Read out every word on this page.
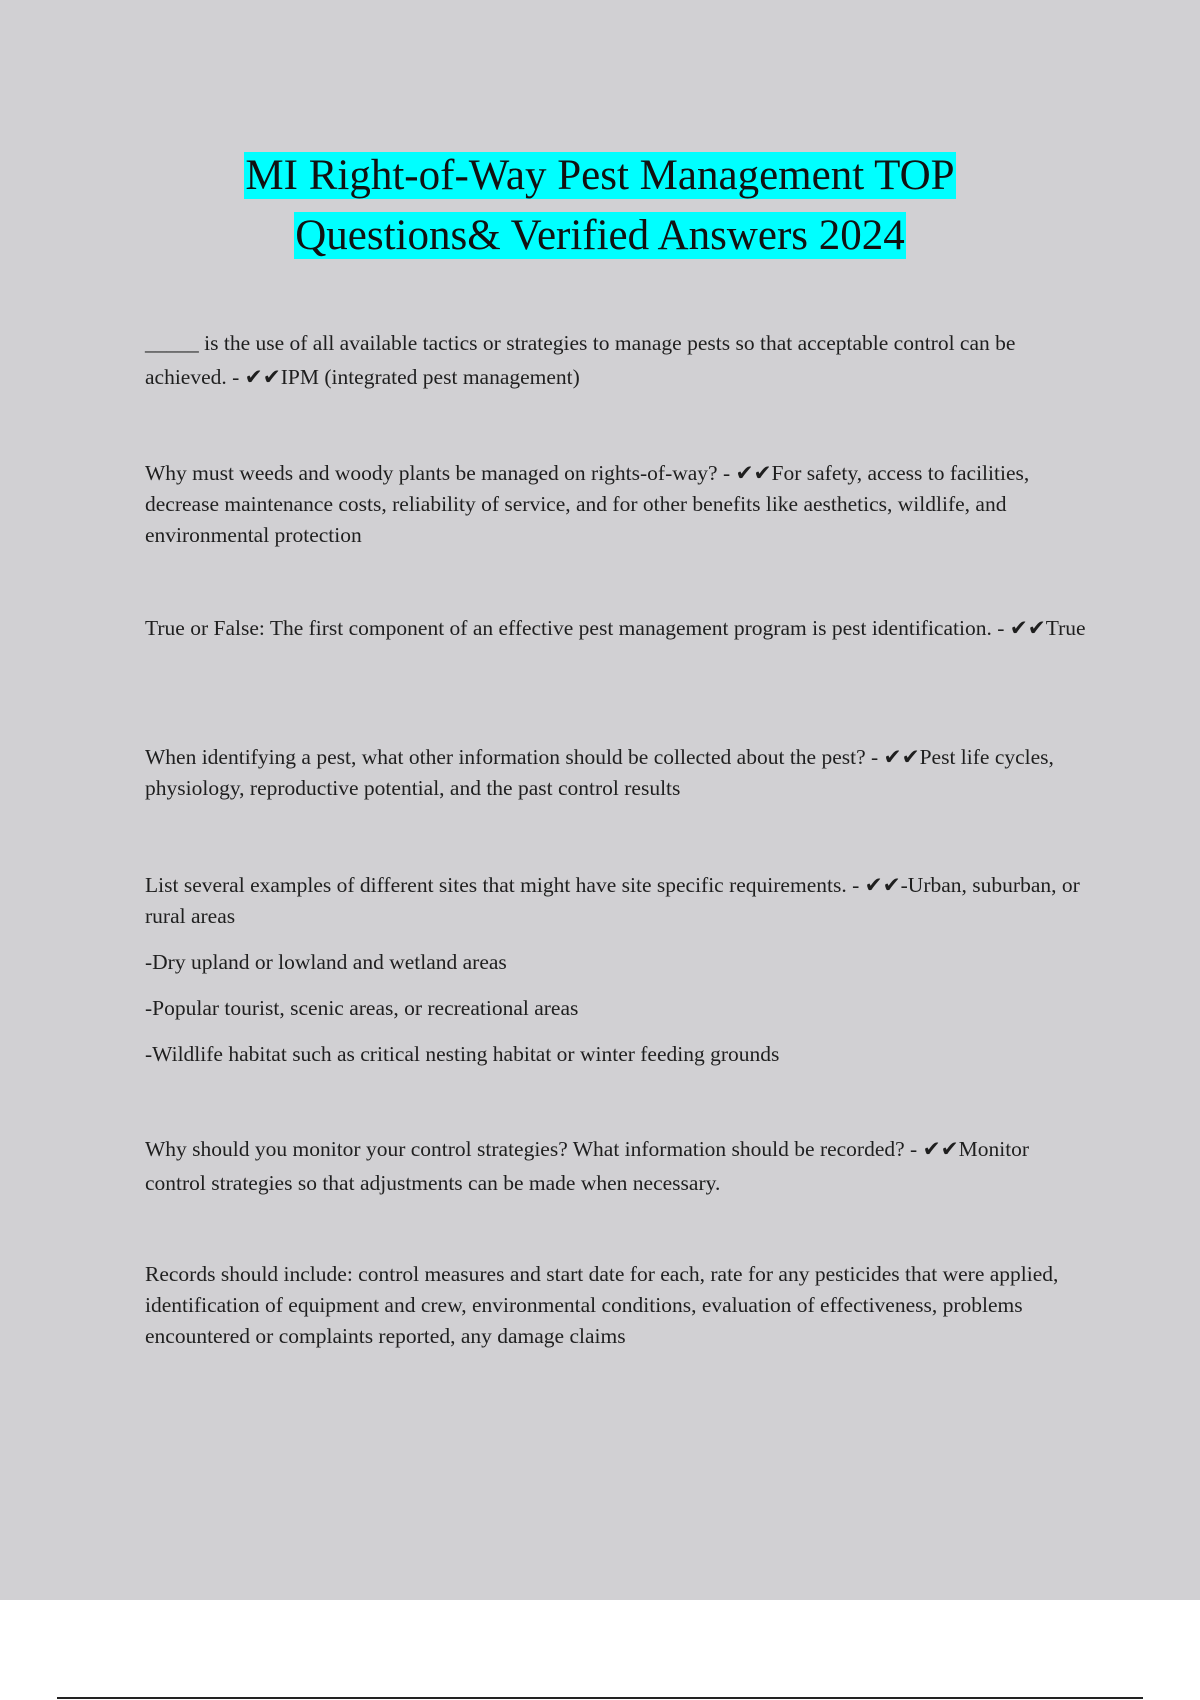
MI Right-of-Way Pest Management TOP
Questions& Verified Answers 2024

_____ is the use of all available tactics or strategies to manage pests so that acceptable control can be achieved. - ✔✔IPM (integrated pest management)

Why must weeds and woody plants be managed on rights-of-way? - ✔✔For safety, access to facilities, decrease maintenance costs, reliability of service, and for other benefits like aesthetics, wildlife, and environmental protection

True or False: The first component of an effective pest management program is pest identification. - ✔✔True

When identifying a pest, what other information should be collected about the pest? - ✔✔Pest life cycles, physiology, reproductive potential, and the past control results

List several examples of different sites that might have site specific requirements. - ✔✔-Urban, suburban, or rural areas

-Dry upland or lowland and wetland areas

-Popular tourist, scenic areas, or recreational areas

-Wildlife habitat such as critical nesting habitat or winter feeding grounds

Why should you monitor your control strategies? What information should be recorded? - ✔✔Monitor control strategies so that adjustments can be made when necessary.

Records should include: control measures and start date for each, rate for any pesticides that were applied, identification of equipment and crew, environmental conditions, evaluation of effectiveness, problems encountered or complaints reported, any damage claims
